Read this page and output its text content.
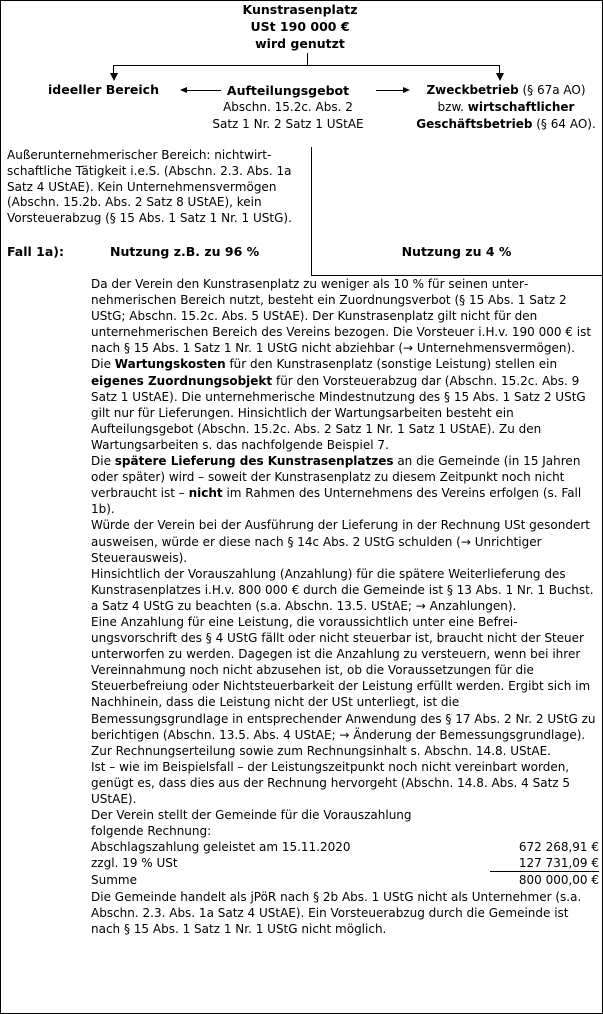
Kunstrasenplatz
USt 190 000 €
wird genutzt
ideeller Bereich	Aufteilungsgebot
Abschn. 15.2c. Abs. 2
Satz 1 Nr. 2 Satz 1 UStAE
Zweckbetrieb (§ 67a AO)
bzw. wirtschaftlicher
Geschäftsbetrieb (§ 64 AO).
Außerunternehmerischer Bereich: nichtwirtschaftliche Tätigkeit i.e.S. (Abschn. 2.3. Abs. 1a Satz 4 UStAE). Kein Unternehmensvermögen (Abschn. 15.2b. Abs. 2 Satz 8 UStAE), kein Vorsteuerabzug (§ 15 Abs. 1 Satz 1 Nr. 1 UStG).
Fall 1a):	Nutzung z.B. zu 96 %	Nutzung zu 4 %

Da der Verein den Kunstrasenplatz zu weniger als 10 % für seinen unternehmerischen Bereich nutzt, besteht ein Zuordnungsverbot (§ 15 Abs. 1 Satz 2 UStG; Abschn. 15.2c. Abs. 5 UStAE). Der Kunstrasenplatz gilt nicht für den unternehmerischen Bereich des Vereins bezogen. Die Vorsteuer i.H.v. 190 000 € ist nach § 15 Abs. 1 Satz 1 Nr. 1 UStG nicht abziehbar (→ Unternehmensvermögen).

Die Wartungskosten für den Kunstrasenplatz (sonstige Leistung) stellen ein eigenes Zuordnungsobjekt für den Vorsteuerabzug dar (Abschn. 15.2c. Abs. 9 Satz 1 UStAE). Die unternehmerische Mindestnutzung des § 15 Abs. 1 Satz 2 UStG gilt nur für Lieferungen. Hinsichtlich der Wartungsarbeiten besteht ein Aufteilungsgebot (Abschn. 15.2c. Abs. 2 Satz 1 Nr. 1 Satz 1 UStAE). Zu den Wartungsarbeiten s. das nachfolgende Beispiel 7.

Die spätere Lieferung des Kunstrasenplatzes an die Gemeinde (in 15 Jahren oder später) wird – soweit der Kunstrasenplatz zu diesem Zeitpunkt noch nicht verbraucht ist – nicht im Rahmen des Unternehmens des Vereins erfolgen (s. Fall 1b).

Würde der Verein bei der Ausführung der Lieferung in der Rechnung USt gesondert ausweisen, würde er diese nach § 14c Abs. 2 UStG schulden (→ Unrichtiger Steuerausweis).

Hinsichtlich der Vorauszahlung (Anzahlung) für die spätere Weiterlieferung des Kunstrasenplatzes i.H.v. 800 000 € durch die Gemeinde ist § 13 Abs. 1 Nr. 1 Buchst. a Satz 4 UStG zu beachten (s.a. Abschn. 13.5. UStAE; → Anzahlungen).

Eine Anzahlung für eine Leistung, die voraussichtlich unter eine Befreiungsvorschrift des § 4 UStG fällt oder nicht steuerbar ist, braucht nicht der Steuer unterworfen zu werden. Dagegen ist die Anzahlung zu versteuern, wenn bei ihrer Vereinnahmung noch nicht abzusehen ist, ob die Voraussetzungen für die Steuerbefreiung oder Nichtsteuerbarkeit der Leistung erfüllt werden. Ergibt sich im Nachhinein, dass die Leistung nicht der USt unterliegt, ist die Bemessungsgrundlage in entsprechender Anwendung des § 17 Abs. 2 Nr. 2 UStG zu berichtigen (Abschn. 13.5. Abs. 4 UStAE; → Änderung der Bemessungsgrundlage).

Zur Rechnungserteilung sowie zum Rechnungsinhalt s. Abschn. 14.8. UStAE.

Ist – wie im Beispielsfall – der Leistungszeitpunkt noch nicht vereinbart worden, genügt es, dass dies aus der Rechnung hervorgeht (Abschn. 14.8. Abs. 4 Satz 5 UStAE).

Der Verein stellt der Gemeinde für die Vorauszahlung
folgende Rechnung:

Abschlagszahlung geleistet am 15.11.2020	672 268,91 €
zzgl. 19 % USt	127 731,09 €
Summe	800 000,00 €

Die Gemeinde handelt als jPöR nach § 2b Abs. 1 UStG nicht als Unternehmer (s.a. Abschn. 2.3. Abs. 1a Satz 4 UStAE). Ein Vorsteuerabzug durch die Gemeinde ist nach § 15 Abs. 1 Satz 1 Nr. 1 UStG nicht möglich.
